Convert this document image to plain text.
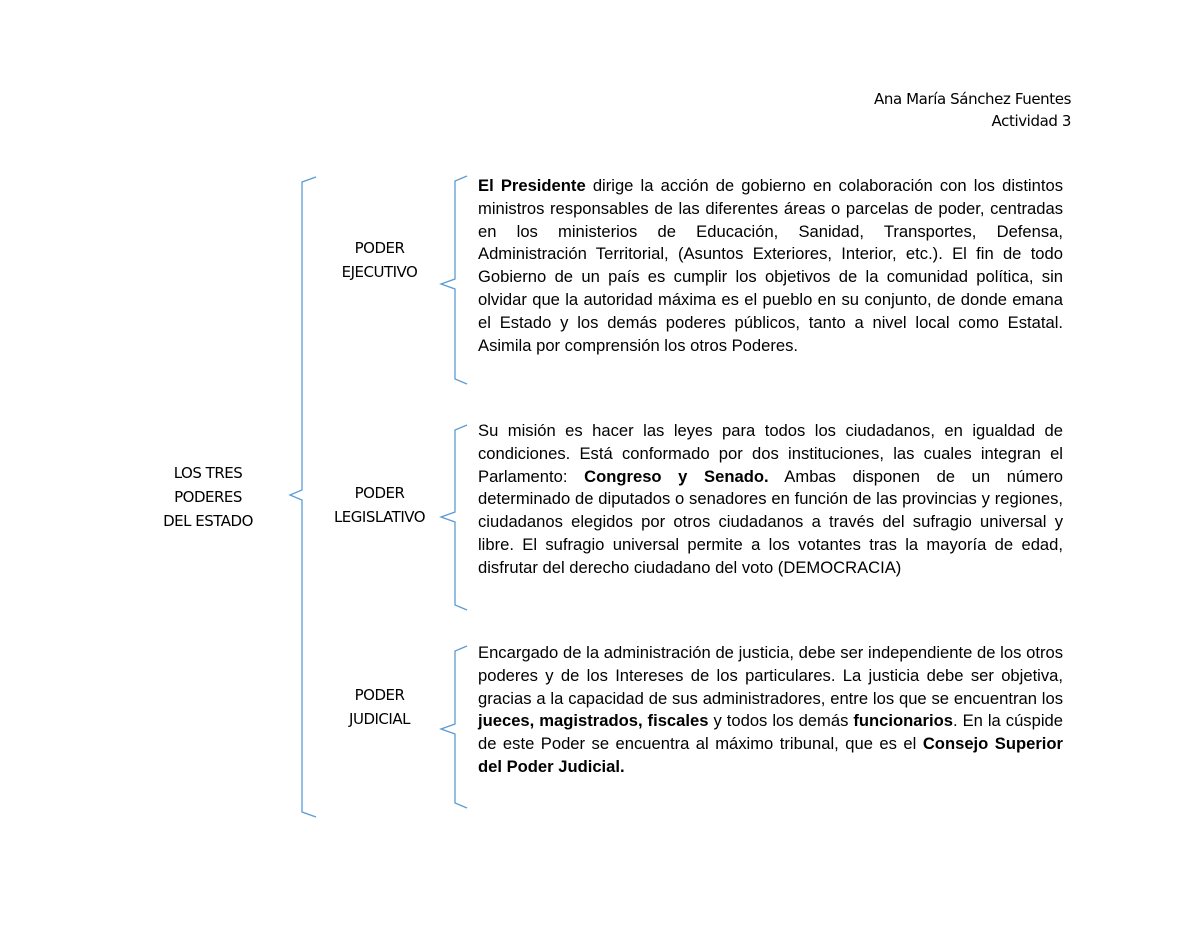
Ana María Sánchez Fuentes
Actividad 3
LOS TRES
PODERES
DEL ESTADO
PODER
EJECUTIVO
PODER
LEGISLATIVO
PODER
JUDICIAL
El Presidente dirige la acción de gobierno en colaboración con los distintos ministros responsables de las diferentes áreas o parcelas de poder, centradas en los ministerios de Educación, Sanidad, Transportes, Defensa, Administración Territorial, (Asuntos Exteriores, Interior, etc.). El fin de todo Gobierno de un país es cumplir los objetivos de la comunidad política, sin olvidar que la autoridad máxima es el pueblo en su conjunto, de donde emana el Estado y los demás poderes públicos, tanto a nivel local como Estatal. Asimila por comprensión los otros Poderes.
Su misión es hacer las leyes para todos los ciudadanos, en igualdad de condiciones. Está conformado por dos instituciones, las cuales integran el Parlamento: Congreso y Senado. Ambas disponen de un número determinado de diputados o senadores en función de las provincias y regiones, ciudadanos elegidos por otros ciudadanos a través del sufragio universal y libre. El sufragio universal permite a los votantes tras la mayoría de edad, disfrutar del derecho ciudadano del voto (DEMOCRACIA)
Encargado de la administración de justicia, debe ser independiente de los otros poderes y de los Intereses de los particulares. La justicia debe ser objetiva, gracias a la capacidad de sus administradores, entre los que se encuentran los jueces, magistrados, fiscales y todos los demás funcionarios. En la cúspide de este Poder se encuentra al máximo tribunal, que es el Consejo Superior del Poder Judicial.
